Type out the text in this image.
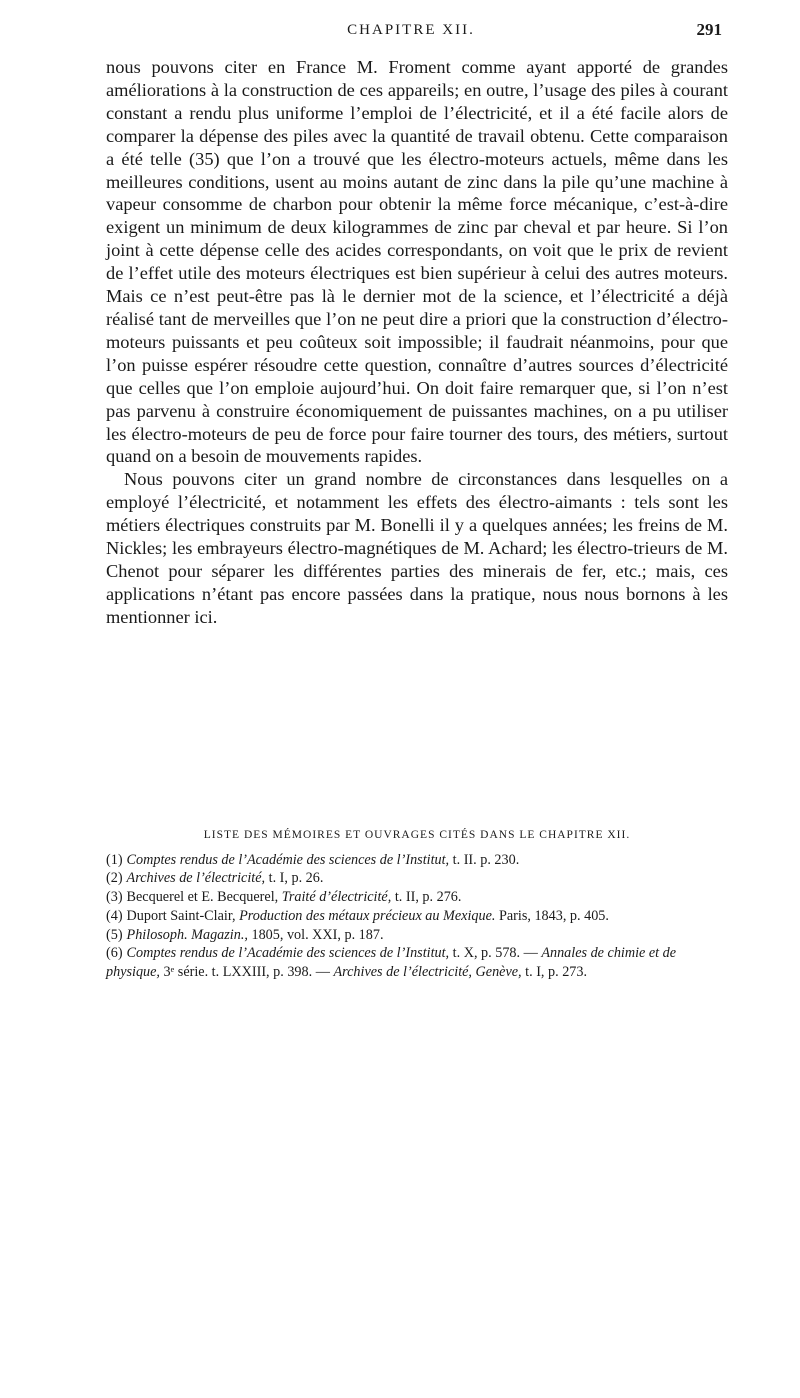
CHAPITRE XII.	291

nous pouvons citer en France M. Froment comme ayant apporté de grandes améliorations à la construction de ces appareils; en outre, l’usage des piles à courant constant a rendu plus uniforme l’emploi de l’électricité, et il a été facile alors de comparer la dépense des piles avec la quantité de travail obtenu. Cette comparaison a été telle (35) que l’on a trouvé que les électro-moteurs actuels, même dans les meilleures conditions, usent au moins autant de zinc dans la pile qu’une machine à vapeur consomme de charbon pour obtenir la même force mécanique, c’est-à-dire exigent un minimum de deux kilogrammes de zinc par cheval et par heure. Si l’on joint à cette dépense celle des acides correspondants, on voit que le prix de revient de l’effet utile des moteurs électriques est bien supérieur à celui des autres moteurs. Mais ce n’est peut-être pas là le dernier mot de la science, et l’électricité a déjà réalisé tant de merveilles que l’on ne peut dire a priori que la construction d’électro-moteurs puissants et peu coûteux soit impossible; il faudrait néanmoins, pour que l’on puisse espérer résoudre cette question, connaître d’autres sources d’électricité que celles que l’on emploie aujourd’hui. On doit faire remarquer que, si l’on n’est pas parvenu à construire économiquement de puissantes machines, on a pu utiliser les électro-moteurs de peu de force pour faire tourner des tours, des métiers, surtout quand on a besoin de mouvements rapides.

Nous pouvons citer un grand nombre de circonstances dans lesquelles on a employé l’électricité, et notamment les effets des électro-aimants : tels sont les métiers électriques construits par M. Bonelli il y a quelques années; les freins de M. Nickles; les embrayeurs électro-magnétiques de M. Achard; les électro-trieurs de M. Chenot pour séparer les différentes parties des minerais de fer, etc.; mais, ces applications n’étant pas encore passées dans la pratique, nous nous bornons à les mentionner ici.

LISTE DES MÉMOIRES ET OUVRAGES CITÉS DANS LE CHAPITRE XII.

(1) Comptes rendus de l’Académie des sciences de l’Institut, t. II. p. 230.

(2) Archives de l’électricité, t. I, p. 26.

(3) Becquerel et E. Becquerel, Traité d’électricité, t. II, p. 276.

(4) Duport Saint-Clair, Production des métaux précieux au Mexique. Paris, 1843, p. 405.

(5) Philosoph. Magazin., 1805, vol. XXI, p. 187.

(6) Comptes rendus de l’Académie des sciences de l’Institut, t. X, p. 578. — Annales de chimie et de physique, 3ᵉ série. t. LXXIII, p. 398. — Archives de l’électricité, Genève, t. I, p. 273.
